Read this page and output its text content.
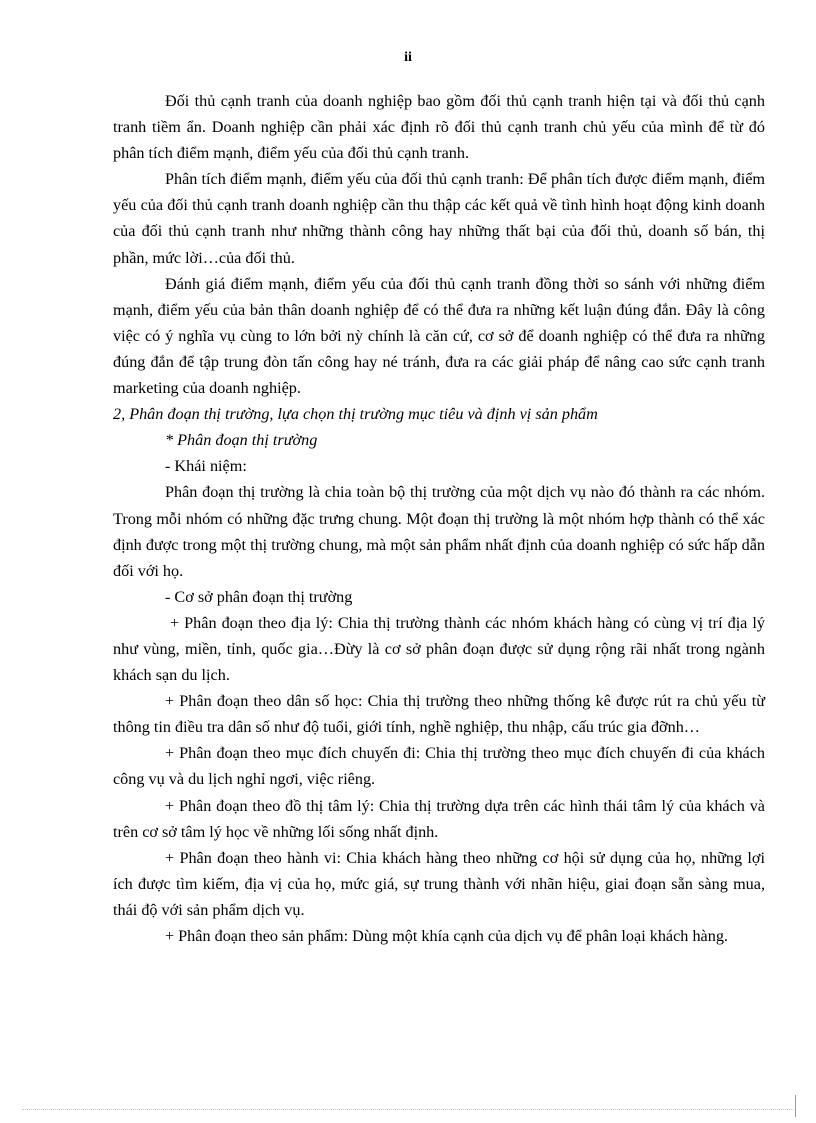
ii

Đối thủ cạnh tranh của doanh nghiệp bao gồm đối thủ cạnh tranh hiện tại và đối thủ cạnh tranh tiềm ẩn. Doanh nghiệp cần phải xác định rõ đối thủ cạnh tranh chủ yếu của mình để từ đó phân tích điểm mạnh, điểm yếu của đối thủ cạnh tranh.

Phân tích điểm mạnh, điểm yếu của đối thủ cạnh tranh: Để phân tích được điểm mạnh, điểm yếu của đối thủ cạnh tranh doanh nghiệp cần thu thập các kết quả về tình hình hoạt động kinh doanh của đối thủ cạnh tranh như những thành công hay những thất bại của đối thủ, doanh số bán, thị phần, mức lời…của đối thủ.

Đánh giá điểm mạnh, điểm yếu của đối thủ cạnh tranh đồng thời so sánh với những điểm mạnh, điểm yếu của bản thân doanh nghiệp để có thể đưa ra những kết luận đúng đắn. Đây là công việc có ý nghĩa vụ cùng to lớn bởi nỳ chính là căn cứ, cơ sở để doanh nghiệp có thể đưa ra những đúng đắn để tập trung đòn tấn công hay né tránh, đưa ra các giải pháp để nâng cao sức cạnh tranh marketing của doanh nghiệp.

2, Phân đoạn thị trường, lựa chọn thị trường mục tiêu và định vị sản phẩm

* Phân đoạn thị trường

- Khái niệm:

Phân đoạn thị trường là chia toàn bộ thị trường của một dịch vụ nào đó thành ra các nhóm. Trong mỗi nhóm có những đặc trưng chung. Một đoạn thị trường là một nhóm hợp thành có thể xác định được trong một thị trường chung, mà một sản phẩm nhất định của doanh nghiệp có sức hấp dẫn đối với họ.

- Cơ sở phân đoạn thị trường

+ Phân đoạn theo địa lý: Chia thị trường thành các nhóm khách hàng có cùng vị trí địa lý như vùng, miền, tỉnh, quốc gia…Đừy là cơ sở phân đoạn được sử dụng rộng rãi nhất trong ngành khách sạn du lịch.

+ Phân đoạn theo dân số học: Chia thị trường theo những thống kê được rút ra chủ yếu từ thông tin điều tra dân số như độ tuổi, giới tính, nghề nghiệp, thu nhập, cấu trúc gia đỡnh…

+ Phân đoạn theo mục đích chuyến đi: Chia thị trường theo mục đích chuyến đi của khách công vụ và du lịch nghỉ ngơi, việc riêng.

+ Phân đoạn theo đồ thị tâm lý: Chia thị trường dựa trên các hình thái tâm lý của khách và trên cơ sở tâm lý học về những lối sống nhất định.

+ Phân đoạn theo hành vi: Chia khách hàng theo những cơ hội sử dụng của họ, những lợi ích được tìm kiếm, địa vị của họ, mức giá, sự trung thành với nhãn hiệu, giai đoạn sẵn sàng mua, thái độ với sản phẩm dịch vụ.

+ Phân đoạn theo sản phẩm: Dùng một khía cạnh của dịch vụ để phân loại khách hàng.
